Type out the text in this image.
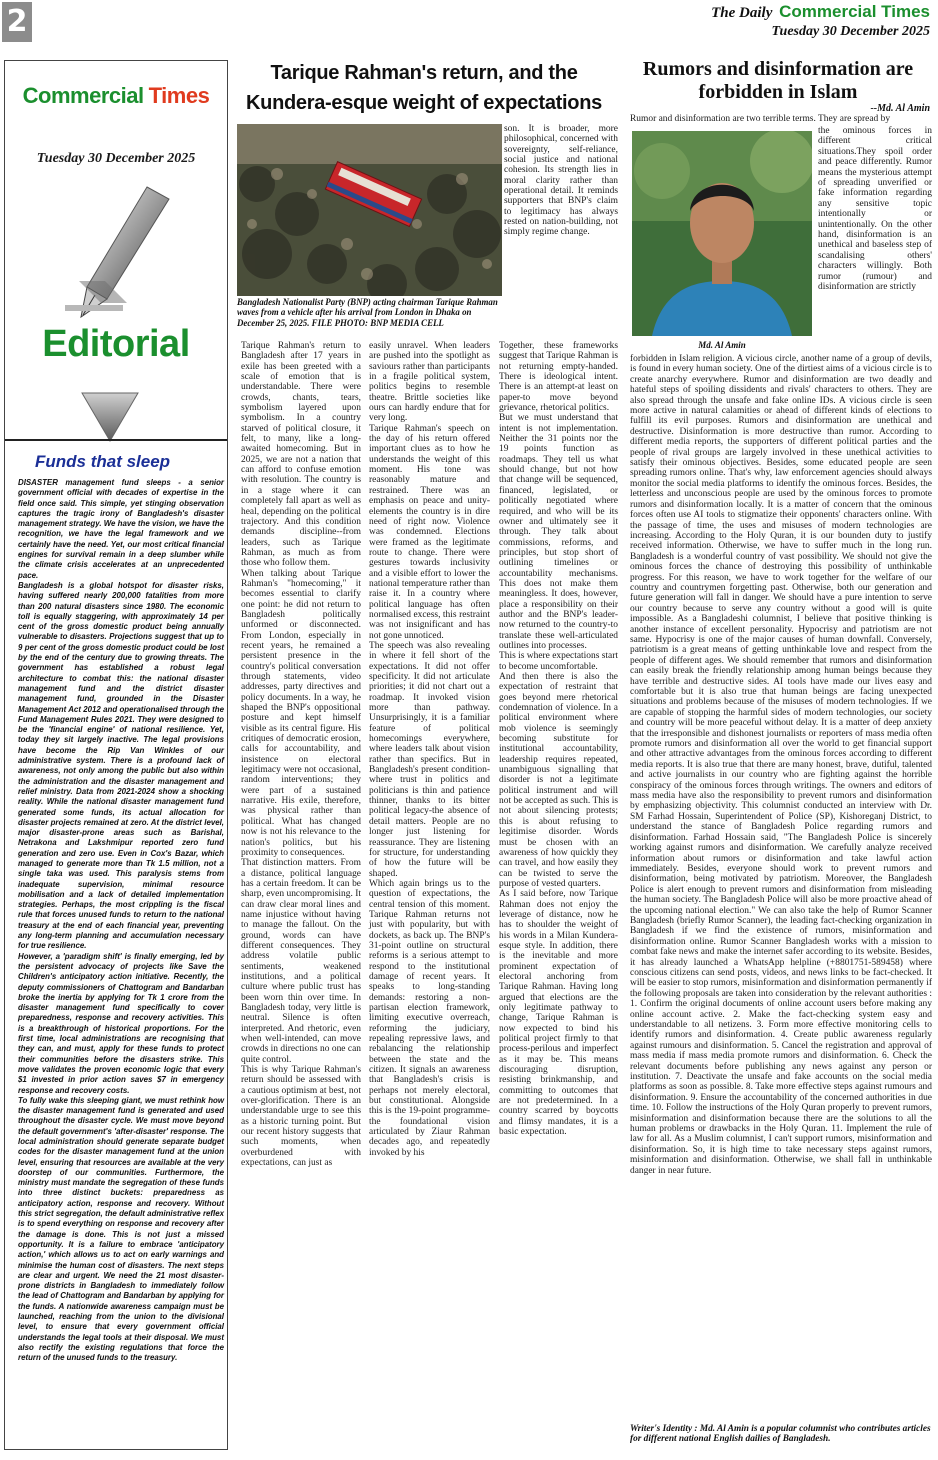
2	The Daily Commercial Times
Tuesday 30 December 2025
Commercial Times
Tuesday 30 December 2025
Editorial
Funds that sleep

DISASTER management fund sleeps - a senior government official with decades of expertise in the field once said. This simple, yet stinging observation captures the tragic irony of Bangladesh's disaster management strategy. We have the vision, we have the recognition, we have the legal framework and we certainly have the need. Yet, our most critical financial engines for survival remain in a deep slumber while the climate crisis accelerates at an unprecedented pace.

Bangladesh is a global hotspot for disaster risks, having suffered nearly 200,000 fatalities from more than 200 natural disasters since 1980. The economic toll is equally staggering, with approximately 14 per cent of the gross domestic product being annually vulnerable to disasters. Projections suggest that up to 9 per cent of the gross domestic product could be lost by the end of the century due to growing threats. The government has established a robust legal architecture to combat this: the national disaster management fund and the district disaster management fund, grounded in the Disaster Management Act 2012 and operationalised through the Fund Management Rules 2021. They were designed to be the 'financial engine' of national resilience. Yet, today they sit largely inactive. The legal provisions have become the Rip Van Winkles of our administrative system. There is a profound lack of awareness, not only among the public but also within the administration and the disaster management and relief ministry. Data from 2021-2024 show a shocking reality. While the national disaster management fund generated some funds, its actual allocation for disaster projects remained at zero. At the district level, major disaster-prone areas such as Barishal, Netrakona and Lakshmipur reported zero fund generation and zero use. Even in Cox's Bazar, which managed to generate more than Tk 1.5 million, not a single taka was used. This paralysis stems from inadequate supervision, minimal resource mobilisation and a lack of detailed implementation strategies. Perhaps, the most crippling is the fiscal rule that forces unused funds to return to the national treasury at the end of each financial year, preventing any long-term planning and accumulation necessary for true resilience.

However, a 'paradigm shift' is finally emerging, led by the persistent advocacy of projects like Save the Children's anticipatory action initiative. Recently, the deputy commissioners of Chattogram and Bandarban broke the inertia by applying for Tk 1 crore from the disaster management fund specifically to cover preparedness, response and recovery activities. This is a breakthrough of historical proportions. For the first time, local administrations are recognising that they can, and must, apply for these funds to protect their communities before the disasters strike. This move validates the proven economic logic that every $1 invested in prior action saves $7 in emergency response and recovery costs.

To fully wake this sleeping giant, we must rethink how the disaster management fund is generated and used throughout the disaster cycle. We must move beyond the default government's 'after-disaster' response. The local administration should generate separate budget codes for the disaster management fund at the union level, ensuring that resources are available at the very doorstep of our communities. Furthermore, the ministry must mandate the segregation of these funds into three distinct buckets: preparedness as anticipatory action, response and recovery. Without this strict segregation, the default administrative reflex is to spend everything on response and recovery after the damage is done. This is not just a missed opportunity. It is a failure to embrace 'anticipatory action,' which allows us to act on early warnings and minimise the human cost of disasters. The next steps are clear and urgent. We need the 21 most disaster-prone districts in Bangladesh to immediately follow the lead of Chattogram and Bandarban by applying for the funds. A nationwide awareness campaign must be launched, reaching from the union to the divisional level, to ensure that every government official understands the legal tools at their disposal. We must also rectify the existing regulations that force the return of the unused funds to the treasury.

Tarique Rahman's return, and the Kundera-esque weight of expectations
Bangladesh Nationalist Party (BNP) acting chairman Tarique Rahman waves from a vehicle after his arrival from London in Dhaka on December 25, 2025. FILE PHOTO: BNP MEDIA CELL
son. It is broader, more philosophical, concerned with sovereignty, self-reliance, social justice and national cohesion. Its strength lies in moral clarity rather than operational detail. It reminds supporters that BNP's claim to legitimacy has always rested on nation-building, not simply regime change.

Tarique Rahman's return to Bangladesh after 17 years in exile has been greeted with a scale of emotion that is understandable. There were crowds, chants, tears, symbolism layered upon symbolism. In a country starved of political closure, it felt, to many, like a long-awaited homecoming. But in 2025, we are not a nation that can afford to confuse emotion with resolution. The country is in a stage where it can completely fall apart as well as heal, depending on the political trajectory. And this condition demands discipline--from leaders, such as Tarique Rahman, as much as from those who follow them.

When talking about Tarique Rahman's "homecoming," it becomes essential to clarify one point: he did not return to Bangladesh politically unformed or disconnected. From London, especially in recent years, he remained a persistent presence in the country's political conversation through statements, video addresses, party directives and policy documents. In a way, he shaped the BNP's oppositional posture and kept himself visible as its central figure. His critiques of democratic erosion, calls for accountability, and insistence on electoral legitimacy were not occasional, random interventions; they were part of a sustained narrative. His exile, therefore, was physical rather than political. What has changed now is not his relevance to the nation's politics, but his proximity to consequences.

That distinction matters. From a distance, political language has a certain freedom. It can be sharp, even uncompromising. It can draw clear moral lines and name injustice without having to manage the fallout. On the ground, words can have different consequences. They address volatile public sentiments, weakened institutions, and a political culture where public trust has been worn thin over time. In Bangladesh today, very little is neutral. Silence is often interpreted. And rhetoric, even when well-intended, can move crowds in directions no one can quite control.

This is why Tarique Rahman's return should be assessed with a cautious optimism at best, not over-glorification. There is an understandable urge to see this as a historic turning point. But our recent history suggests that such moments, when overburdened with expectations, can just as

easily unravel. When leaders are pushed into the spotlight as saviours rather than participants in a fragile political system, politics begins to resemble theatre. Brittle societies like ours can hardly endure that for very long.

Tarique Rahman's speech on the day of his return offered important clues as to how he understands the weight of this moment. His tone was reasonably mature and restrained. There was an emphasis on peace and unity-elements the country is in dire need of right now. Violence was condemned. Elections were framed as the legitimate route to change. There were gestures towards inclusivity and a visible effort to lower the national temperature rather than raise it. In a country where political language has often normalised excess, this restraint was not insignificant and has not gone unnoticed.

The speech was also revealing in where it fell short of the expectations. It did not offer specificity. It did not articulate priorities; it did not chart out a roadmap. It invoked vision more than pathway. Unsurprisingly, it is a familiar feature of political homecomings everywhere, where leaders talk about vision rather than specifics. But in Bangladesh's present condition-where trust in politics and politicians is thin and patience thinner, thanks to its bitter political legacy-the absence of detail matters. People are no longer just listening for reassurance. They are listening for structure, for understanding of how the future will be shaped.

Which again brings us to the question of expectations, the central tension of this moment. Tarique Rahman returns not just with popularity, but with dockets, as back up. The BNP's 31-point outline on structural reforms is a serious attempt to respond to the institutional damage of recent years. It speaks to long-standing demands: restoring a non-partisan election framework, limiting executive overreach, reforming the judiciary, repealing repressive laws, and rebalancing the relationship between the state and the citizen. It signals an awareness that Bangladesh's crisis is perhaps not merely electoral, but constitutional. Alongside this is the 19-point programme-the foundational vision articulated by Ziaur Rahman decades ago, and repeatedly invoked by his

Together, these frameworks suggest that Tarique Rahman is not returning empty-handed. There is ideological intent. There is an attempt-at least on paper-to move beyond grievance, rhetorical politics.

But we must understand that intent is not implementation. Neither the 31 points nor the 19 points function as roadmaps. They tell us what should change, but not how that change will be sequenced, financed, legislated, or politically negotiated where required, and who will be its owner and ultimately see it through. They talk about commissions, reforms, and principles, but stop short of outlining timelines or accountability mechanisms. This does not make them meaningless. It does, however, place a responsibility on their author and the BNP's leader-now returned to the country-to translate these well-articulated outlines into processes.

This is where expectations start to become uncomfortable.

And then there is also the expectation of restraint that goes beyond mere rhetorical condemnation of violence. In a political environment where mob violence is seemingly becoming substitute for institutional accountability, leadership requires repeated, unambiguous signalling that disorder is not a legitimate political instrument and will not be accepted as such. This is not about silencing protests; this is about refusing to legitimise disorder. Words must be chosen with an awareness of how quickly they can travel, and how easily they can be twisted to serve the purpose of vested quarters.

As I said before, now Tarique Rahman does not enjoy the leverage of distance, now he has to shoulder the weight of his words in a Milan Kundera-esque style. In addition, there is the inevitable and more prominent expectation of electoral anchoring from Tarique Rahman. Having long argued that elections are the only legitimate pathway to change, Tarique Rahman is now expected to bind his political project firmly to that process-perilous and imperfect as it may be. This means discouraging disruption, resisting brinkmanship, and committing to outcomes that are not predetermined. In a country scarred by boycotts and flimsy mandates, it is a basic expectation.

Rumors and disinformation are forbidden in Islam
--Md. Al Amin
Rumor and disinformation are two terrible terms. They are spread by
the ominous forces in different critical situations.They spoil order and peace differently. Rumor means the mysterious attempt of spreading unverified or fake information regarding any sensitive topic intentionally or unintentionally. On the other hand, disinformation is an unethical and baseless step of scandalising others' characters willingly. Both rumor (rumour) and disinformation are strictly
Md. Al Amin
forbidden in Islam religion. A vicious circle, another name of a group of devils, is found in every human society. One of the dirtiest aims of a vicious circle is to create anarchy everywhere. Rumor and disinformation are two deadly and hateful steps of spoiling dissidents and rivals' characters to others. They are also spread through the unsafe and fake online IDs. A vicious circle is seen more active in natural calamities or ahead of different kinds of elections to fulfill its evil purposes. Rumors and disinformation are unethical and destructive. Disinformation is more destructive than rumor. According to different media reports, the supporters of different political parties and the people of rival groups are largely involved in these unethical activities to satisfy their ominous objectives. Besides, some educated people are seen spreading rumors online. That's why, law enforcement agencies should always monitor the social media platforms to identify the ominous forces. Besides, the letterless and unconscious people are used by the ominous forces to promote rumors and disinformation locally. It is a matter of concern that the ominous forces often use AI tools to stigmatize their opponents' characters online. With the passage of time, the uses and misuses of modern technologies are increasing. According to the Holy Quran, it is our bounden duty to justify received information. Otherwise, we have to suffer much in the long run. Bangladesh is a wonderful country of vast possibility. We should not give the ominous forces the chance of destroying this possibility of unthinkable progress. For this reason, we have to work together for the welfare of our country and countrymen forgetting past. Otherwise, both our generation and future generation will fall in danger. We should have a pure intention to serve our country because to serve any country without a good will is quite impossible. As a Bangladeshi columnist, I believe that positive thinking is another instance of excellent personality. Hypocrisy and patriotism are not same. Hypocrisy is one of the major causes of human downfall. Conversely, patriotism is a great means of getting unthinkable love and respect from the people of different ages. We should remember that rumors and disinformation can easily break the friendly relationship among human beings because they have terrible and destructive sides. AI tools have made our lives easy and comfortable but it is also true that human beings are facing unexpected situations and problems because of the misuses of modern technologies. If we are capable of stopping the harmful sides of modern technologies, our society and country will be more peaceful without delay. It is a matter of deep anxiety that the irresponsible and dishonest journalists or reporters of mass media often promote rumors and disinformation all over the world to get financial support and other attractive advantages from the ominous forces according to different media reports. It is also true that there are many honest, brave, dutiful, talented and active journalists in our country who are fighting against the horrible conspiracy of the ominous forces through writings. The owners and editors of mass media have also the responsibility to prevent rumors and disinformation by emphasizing objectivity. This columnist conducted an interview with Dr. SM Farhad Hossain, Superintendent of Police (SP), Kishoreganj District, to understand the stance of Bangladesh Police regarding rumors and disinformation. Farhad Hossain said, "The Bangladesh Police is sincerely working against rumors and disinformation. We carefully analyze received information about rumors or disinformation and take lawful action immediately. Besides, everyone should work to prevent rumors and disinformation, being motivated by patriotism. Moreover, the Bangladesh Police is alert enough to prevent rumors and disinformation from misleading the human society. The Bangladesh Police will also be more proactive ahead of the upcoming national election." We can also take the help of Rumor Scanner Bangladesh (briefly Rumor Scanner), the leading fact-checking organization in Bangladesh if we find the existence of rumors, misinformation and disinformation online. Rumor Scanner Bangladesh works with a mission to combat fake news and make the internet safer according to its website. Besides, it has already launched a WhatsApp helpline (+8801751-589458) where conscious citizens can send posts, videos, and news links to be fact-checked. It will be easier to stop rumors, misinformation and disinformation permanently if the following proposals are taken into consideration by the relevant authorities : 1. Confirm the original documents of online account users before making any online account active. 2. Make the fact-checking system easy and understandable to all netizens. 3. Form more effective monitoring cells to identify rumors and disinformation. 4. Create public awareness regularly against rumours and disinformation. 5. Cancel the registration and approval of mass media if mass media promote rumors and disinformation. 6. Check the relevant documents before publishing any news against any person or institution. 7. Deactivate the unsafe and fake accounts on the social media platforms as soon as possible. 8. Take more effective steps against rumours and disinformation. 9. Ensure the accountability of the concerned authorities in due time. 10. Follow the instructions of the Holy Quran properly to prevent rumors, misinformation and disinformation because there are the solutions to all the human problems or drawbacks in the Holy Quran. 11. Implement the rule of law for all. As a Muslim columnist, I can't support rumors, misinformation and disinformation. So, it is high time to take necessary steps against rumors, misinformation and disinformation. Otherwise, we shall fall in unthinkable danger in near future.
Writer's Identity : Md. Al Amin is a popular columnist who contributes articles for different national English dailies of Bangladesh.
